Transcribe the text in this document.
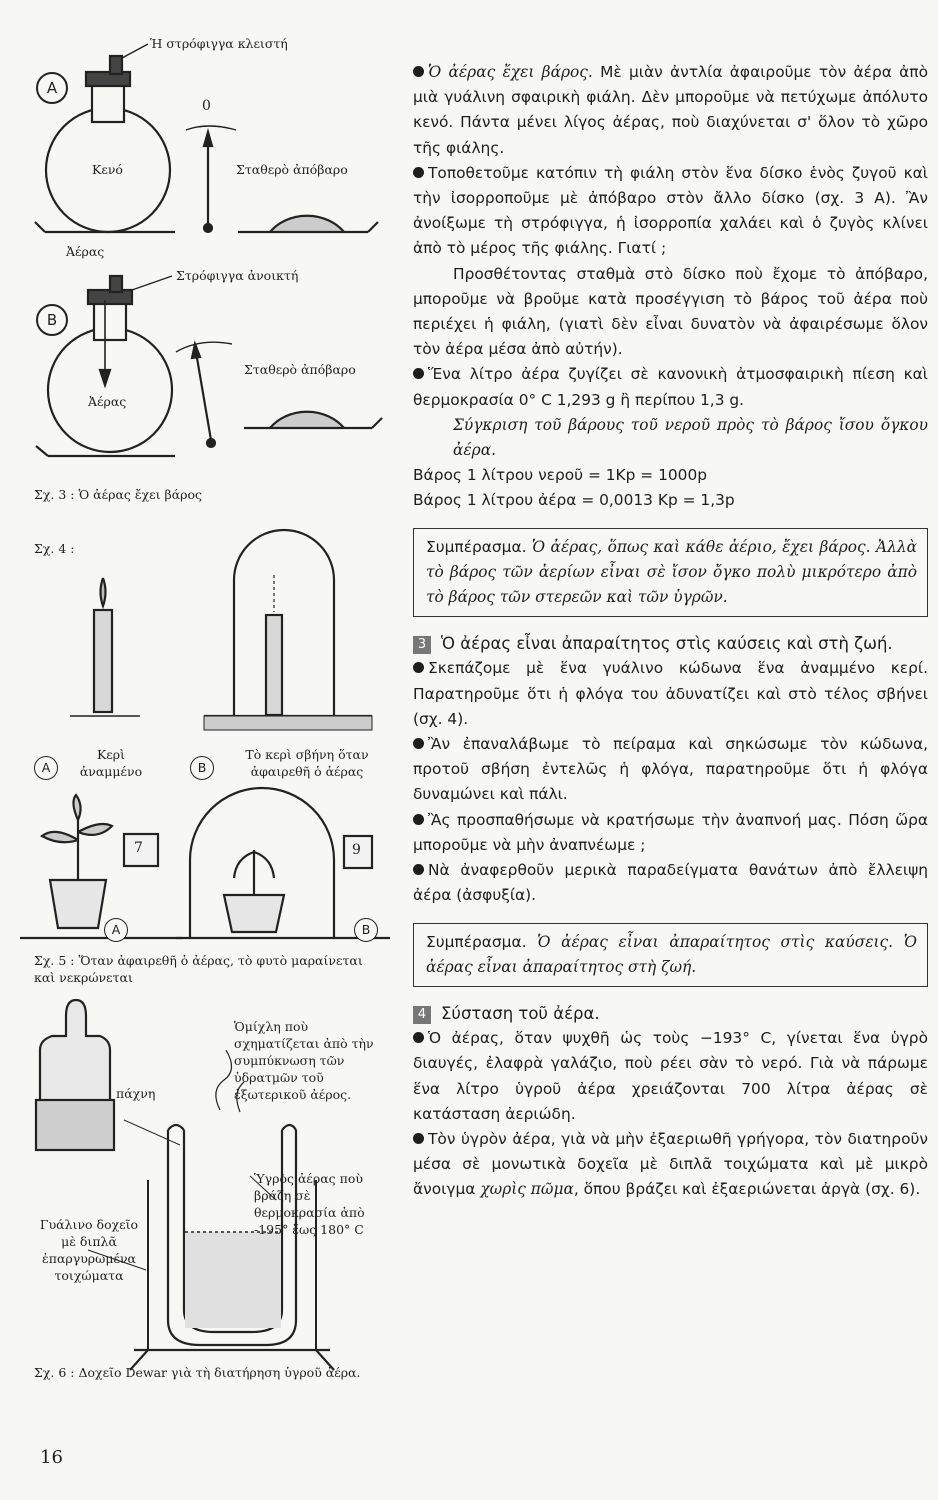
Ἡ στρόφιγγα κλειστή
A
0
Κενό	Σταθερὸ ἀπόβαρο
Ἀέρας
Στρόφιγγα ἀνοικτή
B
Ἀέρας
Σταθερὸ ἀπόβαρο
Σχ. 3 : Ὁ ἀέρας ἔχει βάρος
Σχ. 4 :
A
Κερὶ ἀναμμένο	B
Τὸ κερὶ σβήνη ὅταν ἀφαιρεθῆ ὁ ἀέρας
7	9
A	B
Σχ. 5 : Ὅταν ἀφαιρεθῆ ὁ ἀέρας, τὸ φυτὸ μαραίνεται καὶ νεκρώνεται
Ὁμίχλη ποὺ σχηματίζεται ἀπὸ τὴν συμπύκνωση τῶν ὑδρατμῶν τοῦ ἐξωτερικοῦ ἀέρος.
πάχνη
Ὑγρὸς ἀέρας ποὺ βράζη σὲ θερμοκρασία ἀπὸ -195° ἕως 180° C
Γυάλινο δοχεῖο μὲ διπλᾶ ἐπαργυρωμένα τοιχώματα
Σχ. 6 : Δοχεῖο Dewar γιὰ τὴ διατήρηση ὑγροῦ ἀέρα.
16

Ὁ ἀέρας ἔχει βάρος. Μὲ μιὰν ἀντλία ἀφαιροῦμε τὸν ἀέρα ἀπὸ μιὰ γυάλινη σφαιρικὴ φιάλη. Δὲν μποροῦμε νὰ πετύχωμε ἀπόλυτο κενό. Πάντα μένει λίγος ἀέρας, ποὺ διαχύνεται σ' ὅλον τὸ χῶρο τῆς φιάλης.

Τοποθετοῦμε κατόπιν τὴ φιάλη στὸν ἕνα δίσκο ἑνὸς ζυγοῦ καὶ τὴν ἰσορροποῦμε μὲ ἀπόβαρο στὸν ἄλλο δίσκο (σχ. 3 A). Ἂν ἀνοίξωμε τὴ στρόφιγγα, ἡ ἰσορροπία χαλάει καὶ ὁ ζυγὸς κλίνει ἀπὸ τὸ μέρος τῆς φιάλης. Γιατί ;

Προσθέτοντας σταθμὰ στὸ δίσκο ποὺ ἔχομε τὸ ἀπόβαρο, μποροῦμε νὰ βροῦμε κατὰ προσέγγιση τὸ βάρος τοῦ ἀέρα ποὺ περιέχει ἡ φιάλη, (γιατὶ δὲν εἶναι δυνατὸν νὰ ἀφαιρέσωμε ὅλον τὸν ἀέρα μέσα ἀπὸ αὐτήν).

Ἕνα λίτρο ἀέρα ζυγίζει σὲ κανονικὴ ἀτμοσφαιρικὴ πίεση καὶ θερμοκρασία 0° C 1,293 g ἢ περίπου 1,3 g.

Σύγκριση τοῦ βάρους τοῦ νεροῦ πρὸς τὸ βάρος ἴσου ὄγκου ἀέρα.

Βάρος 1 λίτρου νεροῦ = 1Kp = 1000p

Βάρος 1 λίτρου ἀέρα = 0,0013 Kp = 1,3p

Συμπέρασμα. Ὁ ἀέρας, ὅπως καὶ κάθε ἀέριο, ἔχει βάρος. Ἀλλὰ τὸ βάρος τῶν ἀερίων εἶναι σὲ ἴσον ὄγκο πολὺ μικρότερο ἀπὸ τὸ βάρος τῶν στερεῶν καὶ τῶν ὑγρῶν.

3 Ὁ ἀέρας εἶναι ἀπαραίτητος στὶς καύσεις καὶ στὴ ζωή.

Σκεπάζομε μὲ ἕνα γυάλινο κώδωνα ἕνα ἀναμμένο κερί. Παρατηροῦμε ὅτι ἡ φλόγα του ἀδυνατίζει καὶ στὸ τέλος σβήνει (σχ. 4).

Ἂν ἐπαναλάβωμε τὸ πείραμα καὶ σηκώσωμε τὸν κώδωνα, προτοῦ σβήση ἐντελῶς ἡ φλόγα, παρατηροῦμε ὅτι ἡ φλόγα δυναμώνει καὶ πάλι.

Ἂς προσπαθήσωμε νὰ κρατήσωμε τὴν ἀναπνοή μας. Πόση ὥρα μποροῦμε νὰ μὴν ἀναπνέωμε ;

Νὰ ἀναφερθοῦν μερικὰ παραδείγματα θανάτων ἀπὸ ἔλλειψη ἀέρα (ἀσφυξία).

Συμπέρασμα. Ὁ ἀέρας εἶναι ἀπαραίτητος στὶς καύσεις. Ὁ ἀέρας εἶναι ἀπαραίτητος στὴ ζωή.

4 Σύσταση τοῦ ἀέρα.

Ὁ ἀέρας, ὅταν ψυχθῆ ὡς τοὺς −193° C, γίνεται ἕνα ὑγρὸ διαυγές, ἐλαφρὰ γαλάζιο, ποὺ ρέει σὰν τὸ νερό. Γιὰ νὰ πάρωμε ἕνα λίτρο ὑγροῦ ἀέρα χρειάζονται 700 λίτρα ἀέρας σὲ κατάσταση ἀεριώδη.

Τὸν ὑγρὸν ἀέρα, γιὰ νὰ μὴν ἐξαεριωθῆ γρήγορα, τὸν διατηροῦν μέσα σὲ μονωτικὰ δοχεῖα μὲ διπλᾶ τοιχώματα καὶ μὲ μικρὸ ἄνοιγμα χωρὶς πῶμα, ὅπου βράζει καὶ ἐξαεριώνεται ἀργὰ (σχ. 6).
